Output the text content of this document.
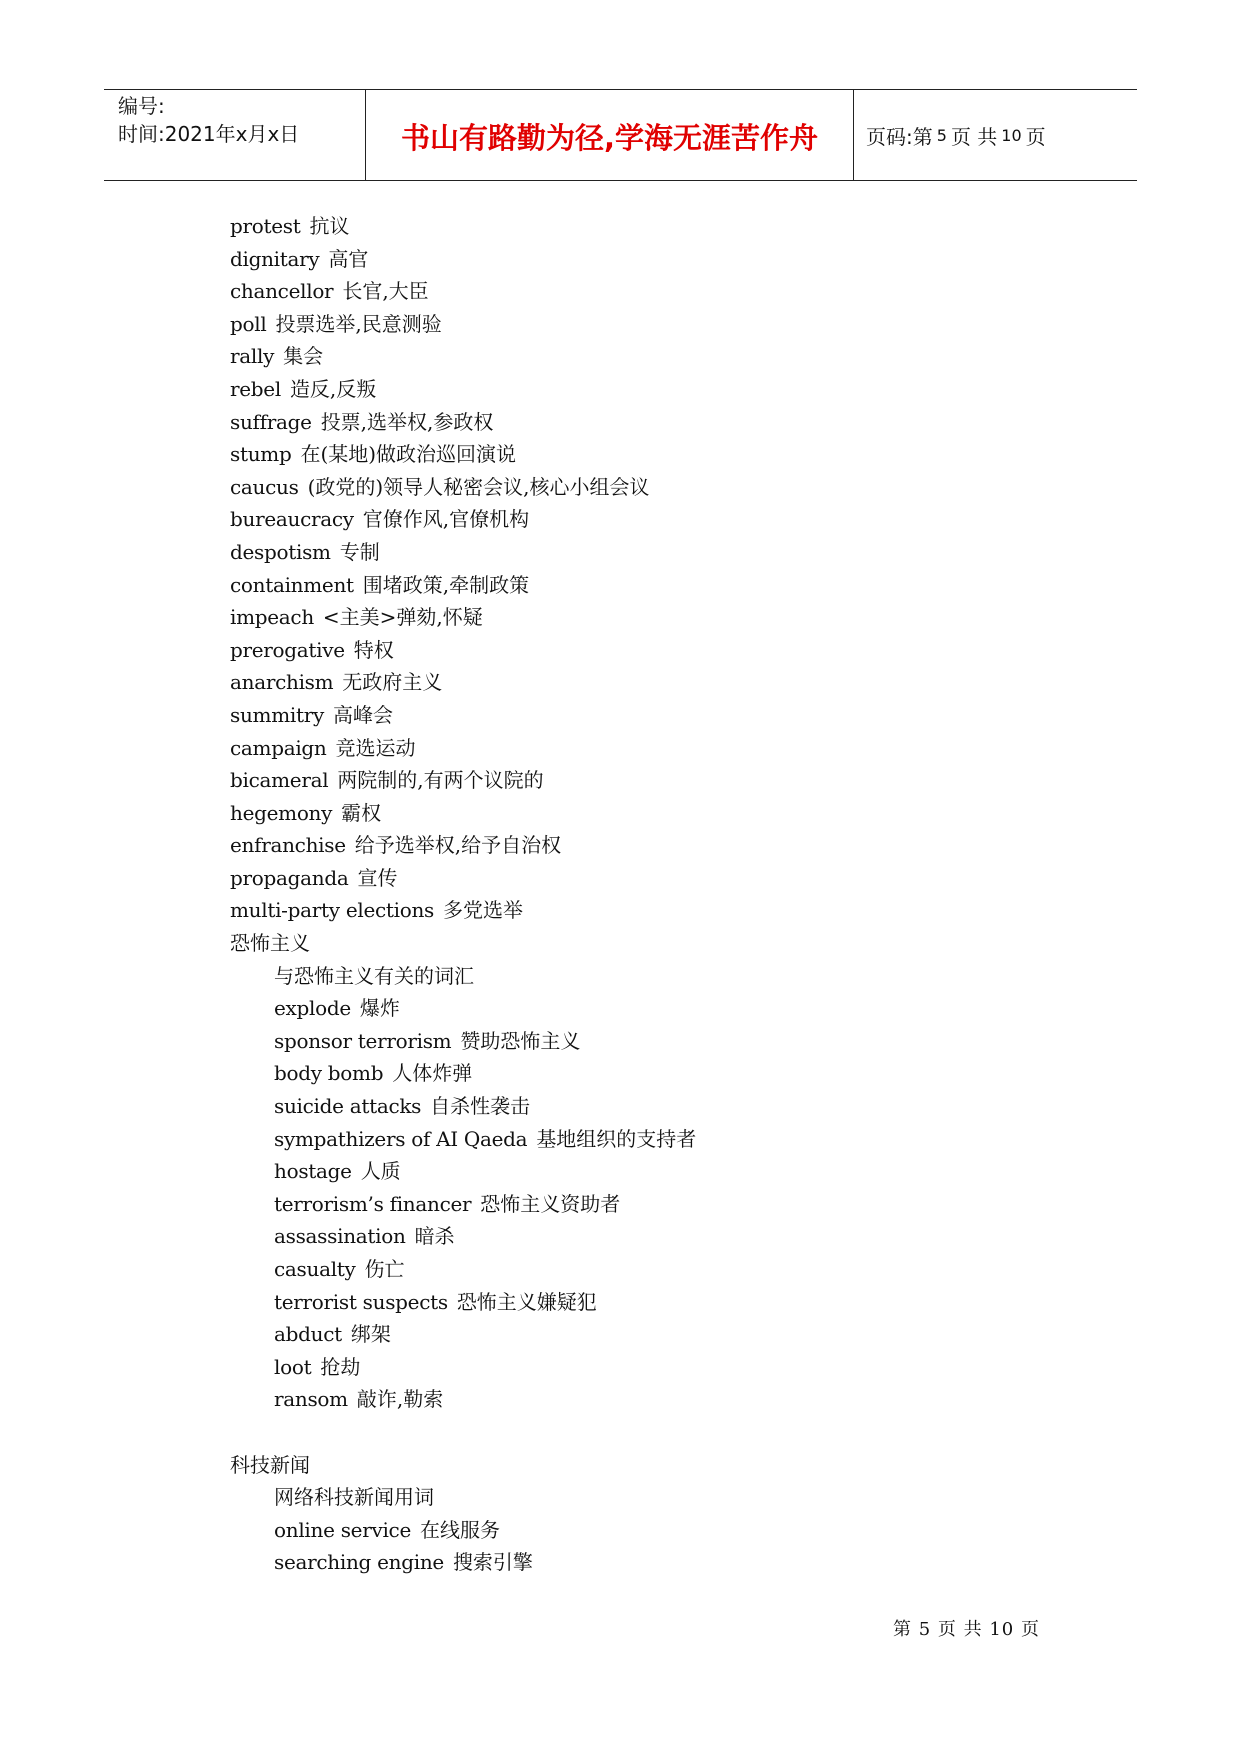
编号:
时间:2021年x月x日	书山有路勤为径,学海无涯苦作舟	页码:第 5 页 共 10 页
protest 抗议
dignitary 高官
chancellor 长官,大臣
poll 投票选举,民意测验
rally 集会
rebel 造反,反叛
suffrage 投票,选举权,参政权
stump 在(某地)做政治巡回演说
caucus (政党的)领导人秘密会议,核心小组会议
bureaucracy 官僚作风,官僚机构
despotism 专制
containment 围堵政策,牵制政策
impeach <主美>弹劾,怀疑
prerogative 特权
anarchism 无政府主义
summitry 高峰会
campaign 竞选运动
bicameral 两院制的,有两个议院的
hegemony 霸权
enfranchise 给予选举权,给予自治权
propaganda 宣传
multi-party elections 多党选举
恐怖主义
与恐怖主义有关的词汇
explode 爆炸
sponsor terrorism 赞助恐怖主义
body bomb 人体炸弹
suicide attacks 自杀性袭击
sympathizers of AI Qaeda 基地组织的支持者
hostage 人质
terrorism’s financer 恐怖主义资助者
assassination 暗杀
casualty 伤亡
terrorist suspects 恐怖主义嫌疑犯
abduct 绑架
loot 抢劫
ransom 敲诈,勒索
科技新闻
网络科技新闻用词
online service 在线服务
searching engine 搜索引擎
第 5 页 共 10 页
